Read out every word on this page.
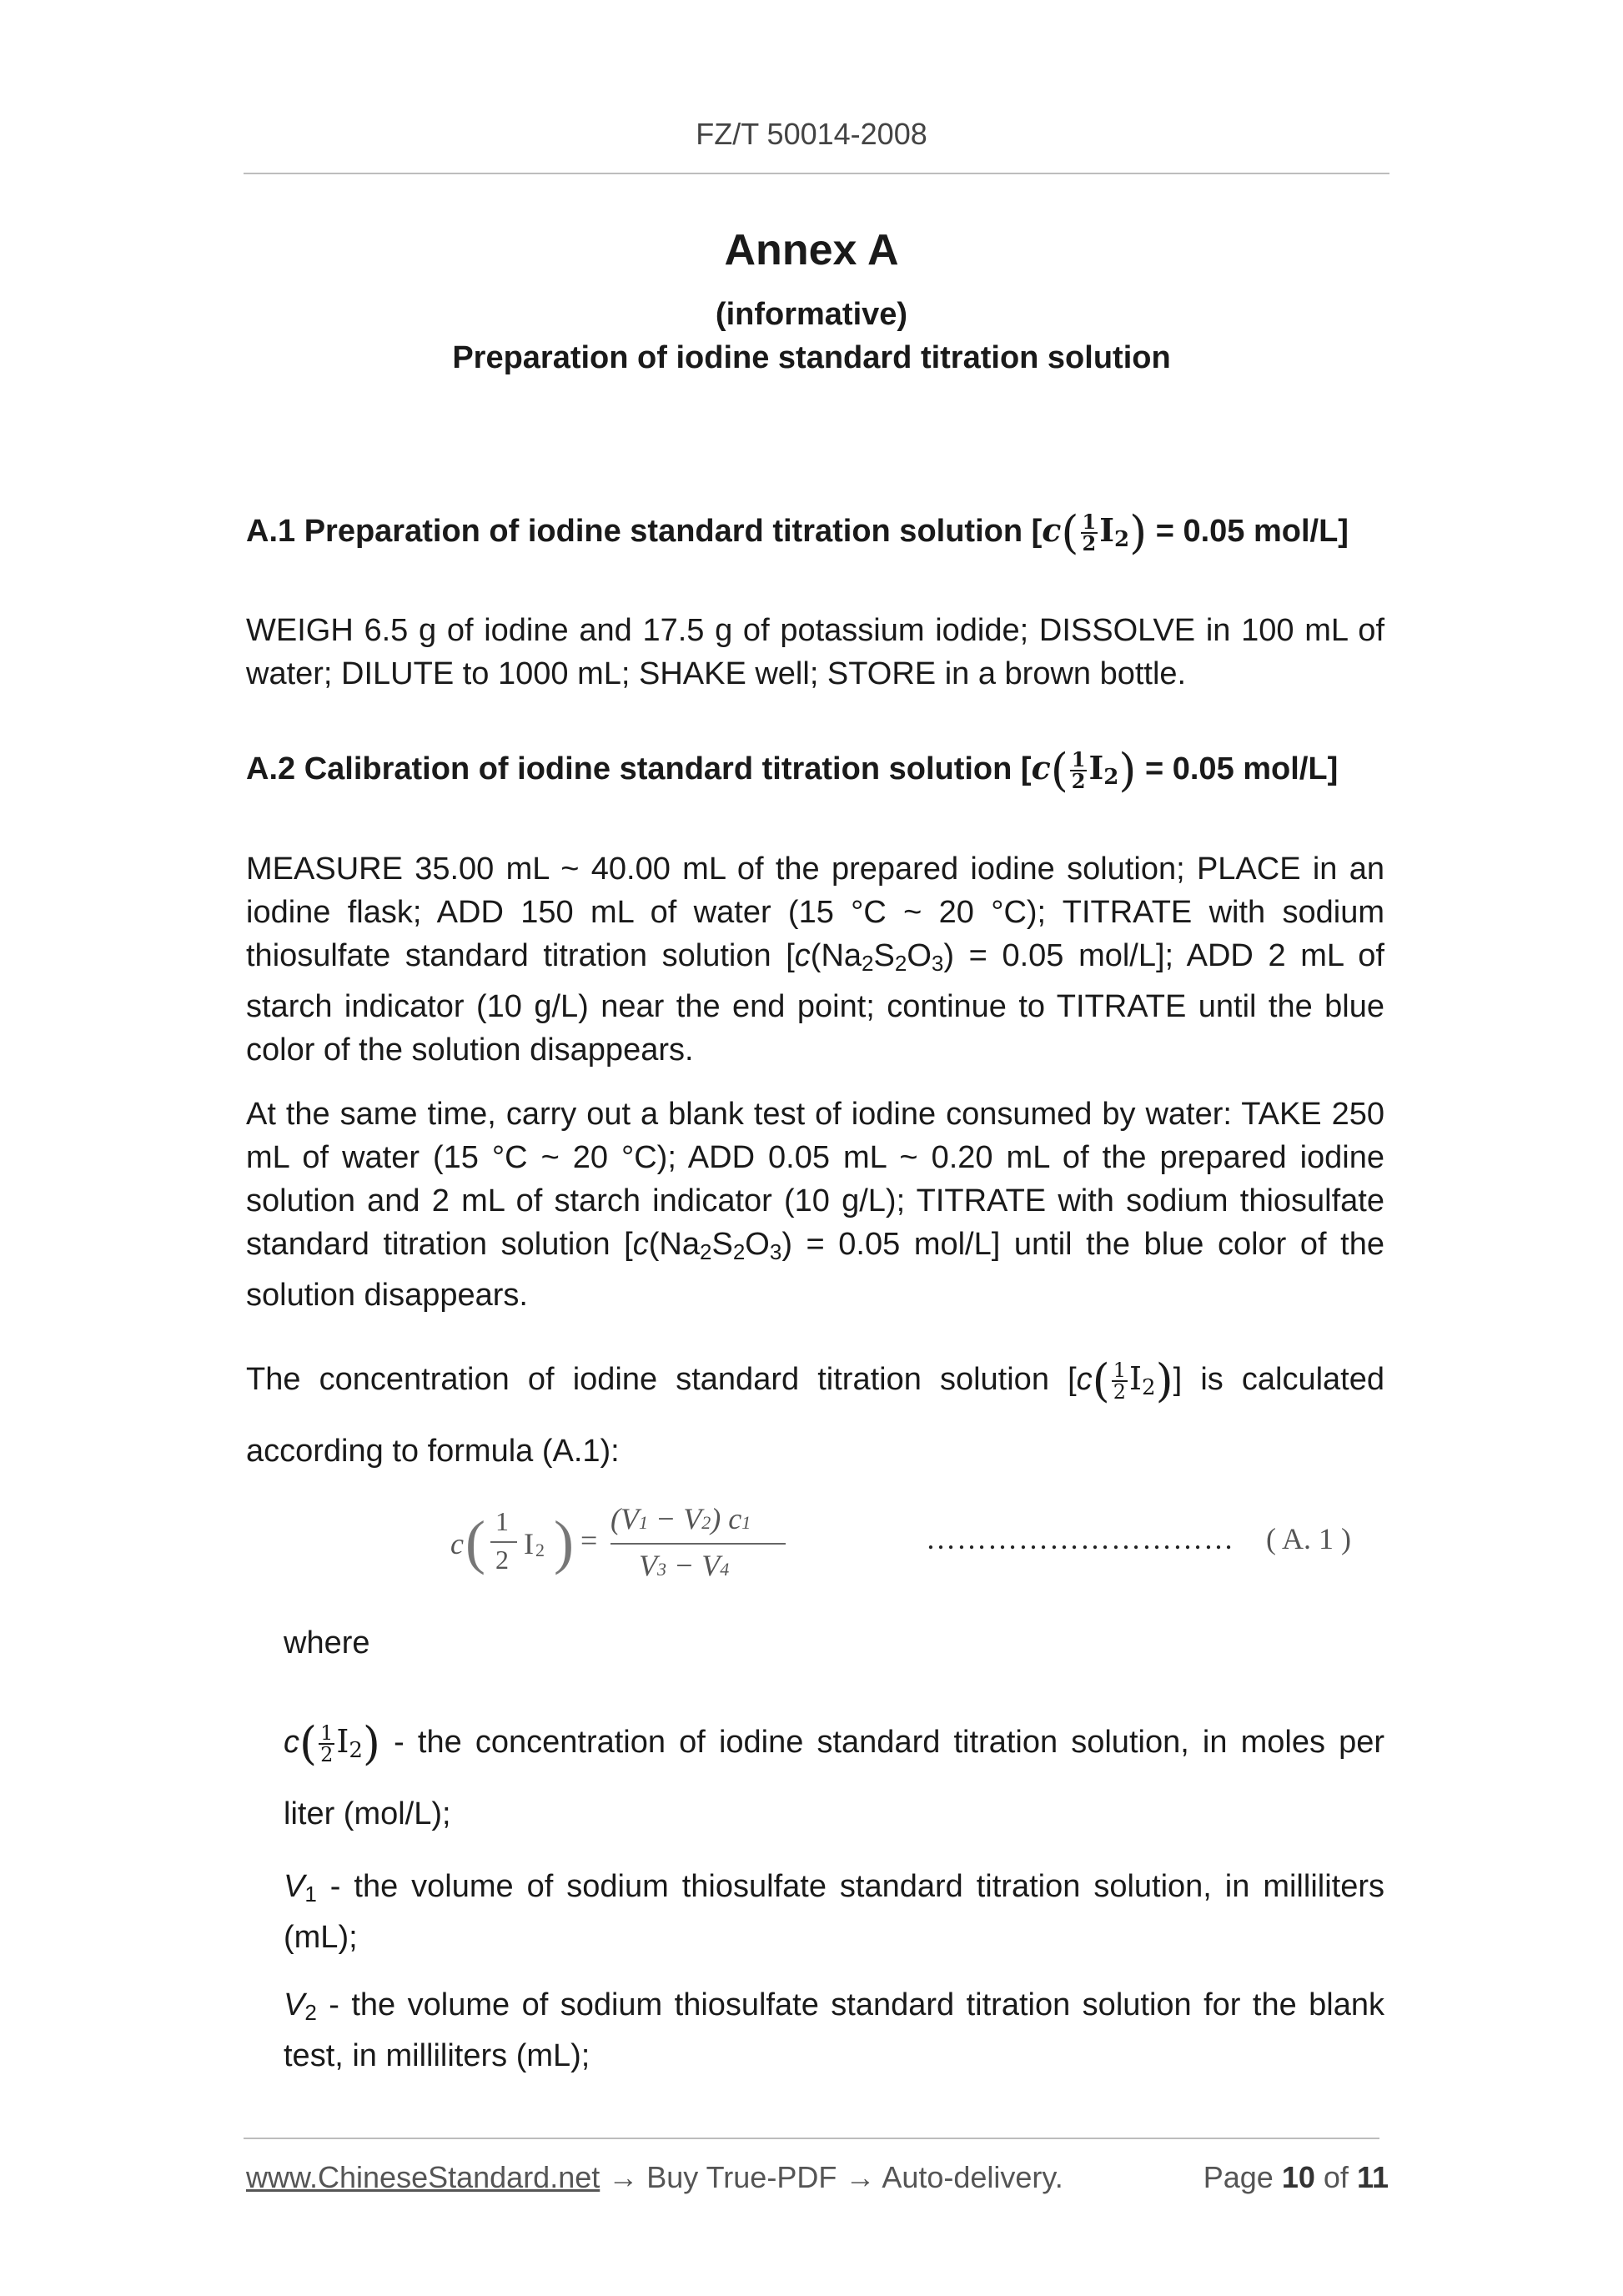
FZ/T 50014-2008
Annex A
(informative)
Preparation of iodine standard titration solution
A.1 Preparation of iodine standard titration solution [$c( \frac{1}{2} I_2) = 0.05$ mol/L]
WEIGH 6.5 g of iodine and 17.5 g of potassium iodide; DISSOLVE in 100 mL of water; DILUTE to 1000 mL; SHAKE well; STORE in a brown bottle.
A.2 Calibration of iodine standard titration solution [$c( \frac{1}{2} I_2) = 0.05$ mol/L]
MEASURE 35.00 mL ~ 40.00 mL of the prepared iodine solution; PLACE in an iodine flask; ADD 150 mL of water (15 °C ~ 20 °C); TITRATE with sodium thiosulfate standard titration solution [$c(Na_2S_2O_3) = 0.05$ mol/L]; ADD 2 mL of starch indicator (10 g/L) near the end point; continue to TITRATE until the blue color of the solution disappears.
At the same time, carry out a blank test of iodine consumed by water: TAKE 250 mL of water (15 °C ~ 20 °C); ADD 0.05 mL ~ 0.20 mL of the prepared iodine solution and 2 mL of starch indicator (10 g/L); TITRATE with sodium thiosulfate standard titration solution [$c(Na_2S_2O_3) = 0.05$ mol/L] until the blue color of the solution disappears.
The concentration of iodine standard titration solution $[c( \frac{1}{2} I_2)]$ is calculated according to formula (A.1):
c ( 1
2 I 2 ) =
(V1 − V2) c1
V3 − V4
………………………… ( A. 1 )
where
$c( \frac{1}{2} I_2)$ - the concentration of iodine standard titration solution, in moles per liter (mol/L);
$V_1$ - the volume of sodium thiosulfate standard titration solution, in milliliters (mL);
$V_2$ - the volume of sodium thiosulfate standard titration solution for the blank test, in milliliters (mL);
www.ChineseStandard.net → Buy True-PDF → Auto-delivery.	Page 10 of 11
